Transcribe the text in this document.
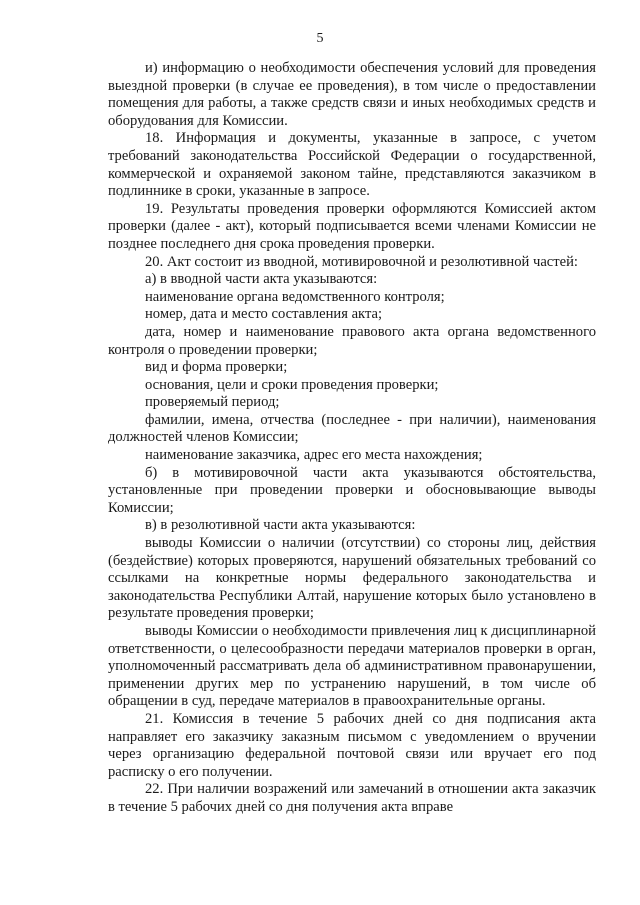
5

и) информацию о необходимости обеспечения условий для проведения выездной проверки (в случае ее проведения), в том числе о предоставлении помещения для работы, а также средств связи и иных необходимых средств и оборудования для Комиссии.

18. Информация и документы, указанные в запросе, с учетом требований законодательства Российской Федерации о государственной, коммерческой и охраняемой законом тайне, представляются заказчиком в подлиннике в сроки, указанные в запросе.

19. Результаты проведения проверки оформляются Комиссией актом проверки (далее - акт), который подписывается всеми членами Комиссии не позднее последнего дня срока проведения проверки.

20. Акт состоит из вводной, мотивировочной и резолютивной частей:

а) в вводной части акта указываются:

наименование органа ведомственного контроля;

номер, дата и место составления акта;

дата, номер и наименование правового акта органа ведомственного контроля о проведении проверки;

вид и форма проверки;

основания, цели и сроки проведения проверки;

проверяемый период;

фамилии, имена, отчества (последнее - при наличии), наименования должностей членов Комиссии;

наименование заказчика, адрес его места нахождения;

б) в мотивировочной части акта указываются обстоятельства, установленные при проведении проверки и обосновывающие выводы Комиссии;

в) в резолютивной части акта указываются:

выводы Комиссии о наличии (отсутствии) со стороны лиц, действия (бездействие) которых проверяются, нарушений обязательных требований со ссылками на конкретные нормы федерального законодательства и законодательства Республики Алтай, нарушение которых было установлено в результате проведения проверки;

выводы Комиссии о необходимости привлечения лиц к дисциплинарной ответственности, о целесообразности передачи материалов проверки в орган, уполномоченный рассматривать дела об административном правонарушении, применении других мер по устранению нарушений, в том числе об обращении в суд, передаче материалов в правоохранительные органы.

21. Комиссия в течение 5 рабочих дней со дня подписания акта направляет его заказчику заказным письмом с уведомлением о вручении через организацию федеральной почтовой связи или вручает его под расписку о его получении.

22. При наличии возражений или замечаний в отношении акта заказчик в течение 5 рабочих дней со дня получения акта вправе
